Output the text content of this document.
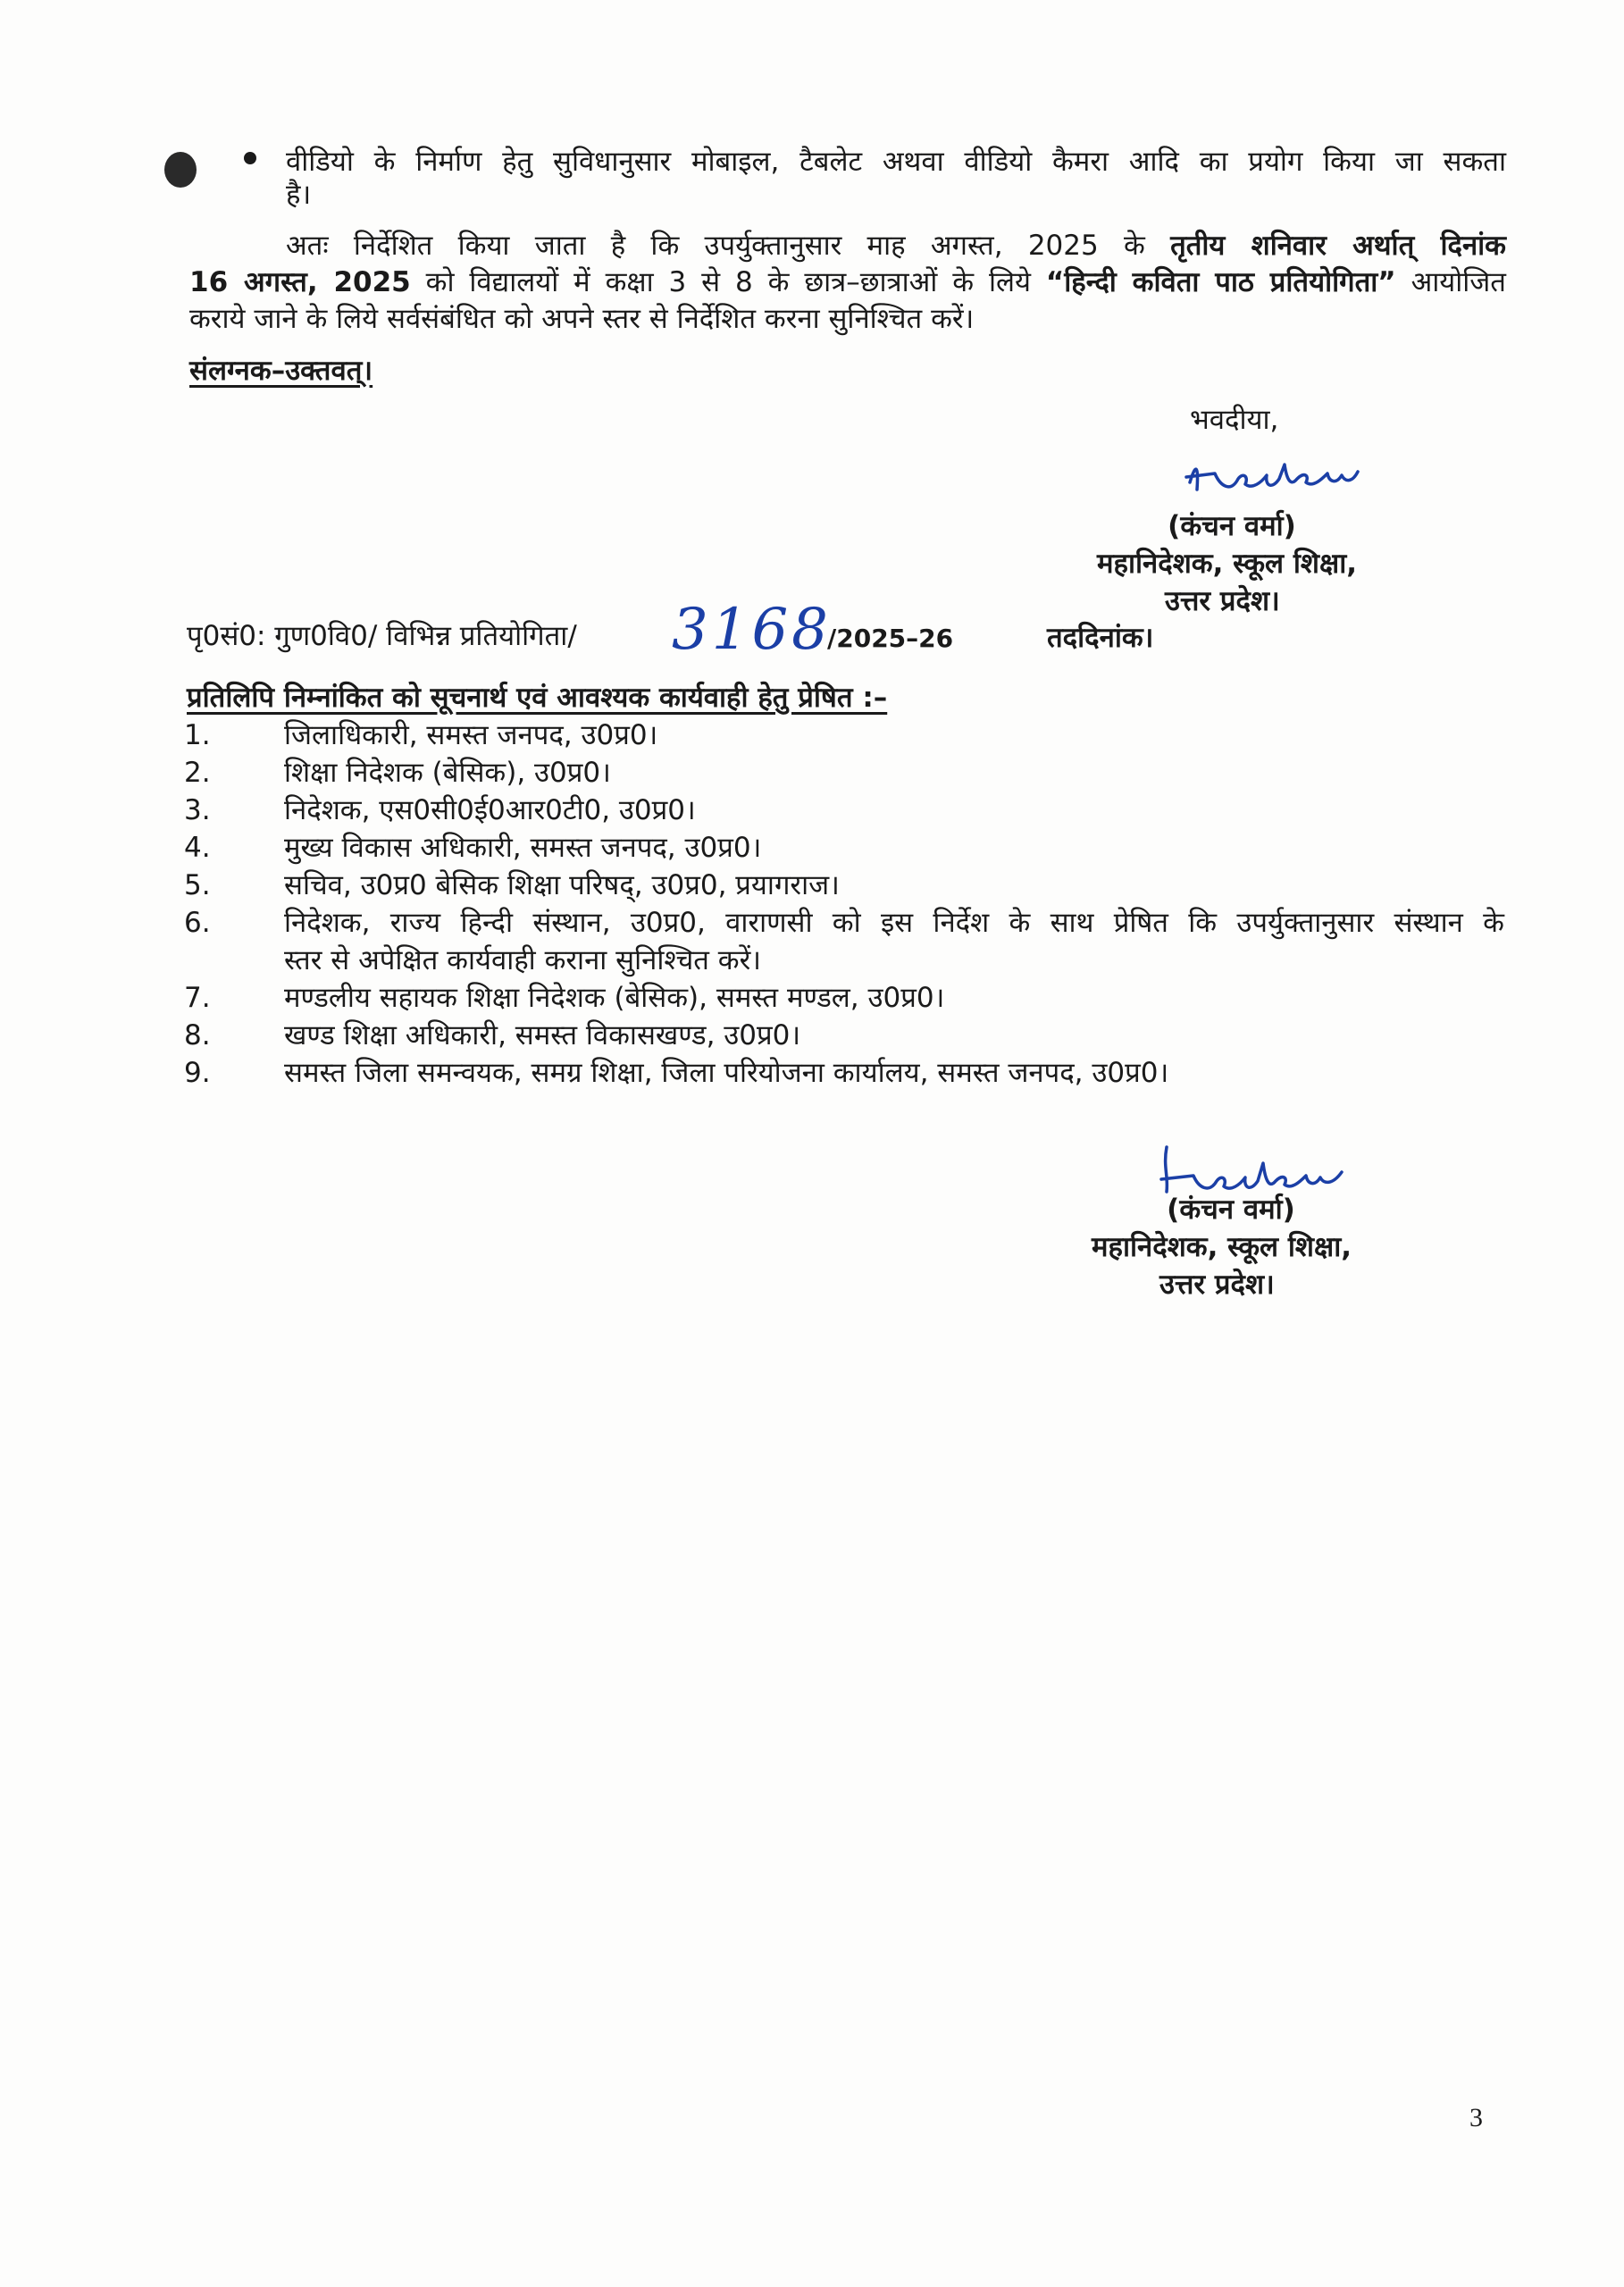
वीडियो के निर्माण हेतु सुविधानुसार मोबाइल, टैबलेट अथवा वीडियो कैमरा आदि का प्रयोग किया जा सकता
है।
अतः निर्देशित किया जाता है कि उपर्युक्तानुसार माह अगस्त, 2025 के तृतीय शनिवार अर्थात् दिनांक
16 अगस्त, 2025 को विद्यालयों में कक्षा 3 से 8 के छात्र–छात्राओं के लिये “हिन्दी कविता पाठ प्रतियोगिता” आयोजित
कराये जाने के लिये सर्वसंबंधित को अपने स्तर से निर्देशित करना सुनिश्चित करें।
संलग्नक–उक्तवत्।
भवदीया,
(कंचन वर्मा)
महानिदेशक, स्कूल शिक्षा,
उत्तर प्रदेश।
पृ0सं0: गुण0वि0/ विभिन्न प्रतियोगिता/ 3168
/2025–26	तददिनांक।
प्रतिलिपि निम्नांकित को सूचनार्थ एवं आवश्यक कार्यवाही हेतु प्रेषित :–
1.	जिलाधिकारी, समस्त जनपद, उ0प्र0।
2.	शिक्षा निदेशक (बेसिक), उ0प्र0।
3.	निदेशक, एस0सी0ई0आर0टी0, उ0प्र0।
4.	मुख्य विकास अधिकारी, समस्त जनपद, उ0प्र0।
5.	सचिव, उ0प्र0 बेसिक शिक्षा परिषद्, उ0प्र0, प्रयागराज।
6.	निदेशक, राज्य हिन्दी संस्थान, उ0प्र0, वाराणसी को इस निर्देश के साथ प्रेषित कि उपर्युक्तानुसार संस्थान के
स्तर से अपेक्षित कार्यवाही कराना सुनिश्चित करें।
7.	मण्डलीय सहायक शिक्षा निदेशक (बेसिक), समस्त मण्डल, उ0प्र0।
8.	खण्ड शिक्षा अधिकारी, समस्त विकासखण्ड, उ0प्र0।
9.	समस्त जिला समन्वयक, समग्र शिक्षा, जिला परियोजना कार्यालय, समस्त जनपद, उ0प्र0।
(कंचन वर्मा)
महानिदेशक, स्कूल शिक्षा,
उत्तर प्रदेश।
3
